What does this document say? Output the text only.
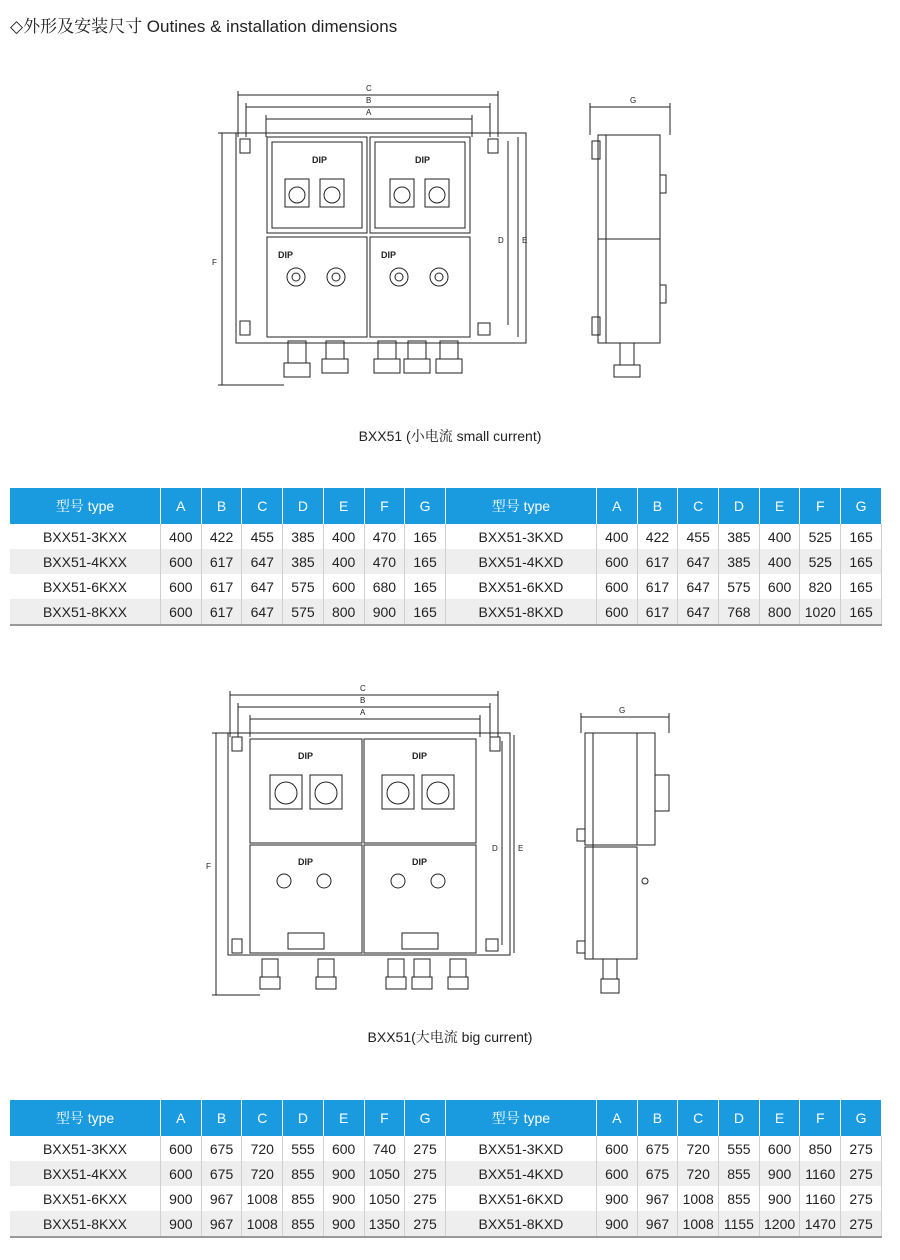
◇外形及安装尺寸 Outines & installation dimensions
C
B
A
DIP	DIP
DIP	DIP
F
D E
G
BXX51 (小电流 small current)
型号 type	A	B	C	D	E	F	G	型号 type	A	B	C	D	E	F	G
BXX51-3KXX	400	422	455	385	400	470	165	BXX51-3KXD	400	422	455	385	400	525	165
BXX51-4KXX	600	617	647	385	400	470	165	BXX51-4KXD	600	617	647	385	400	525	165
BXX51-6KXX	600	617	647	575	600	680	165	BXX51-6KXD	600	617	647	575	600	820	165
BXX51-8KXX	600	617	647	575	800	900	165	BXX51-8KXD	600	617	647	768	800	1020	165
C
B
A
DIP	DIP
DIP	DIP
F
D	E
G
BXX51(大电流 big current)
型号 type	A	B	C	D	E	F	G	型号 type	A	B	C	D	E	F	G
BXX51-3KXX	600	675	720	555	600	740	275	BXX51-3KXD	600	675	720	555	600	850	275
BXX51-4KXX	600	675	720	855	900	1050	275	BXX51-4KXD	600	675	720	855	900	1160	275
BXX51-6KXX	900	967	1008	855	900	1050	275	BXX51-6KXD	900	967	1008	855	900	1160	275
BXX51-8KXX	900	967	1008	855	900	1350	275	BXX51-8KXD	900	967	1008	1155	1200	1470	275
